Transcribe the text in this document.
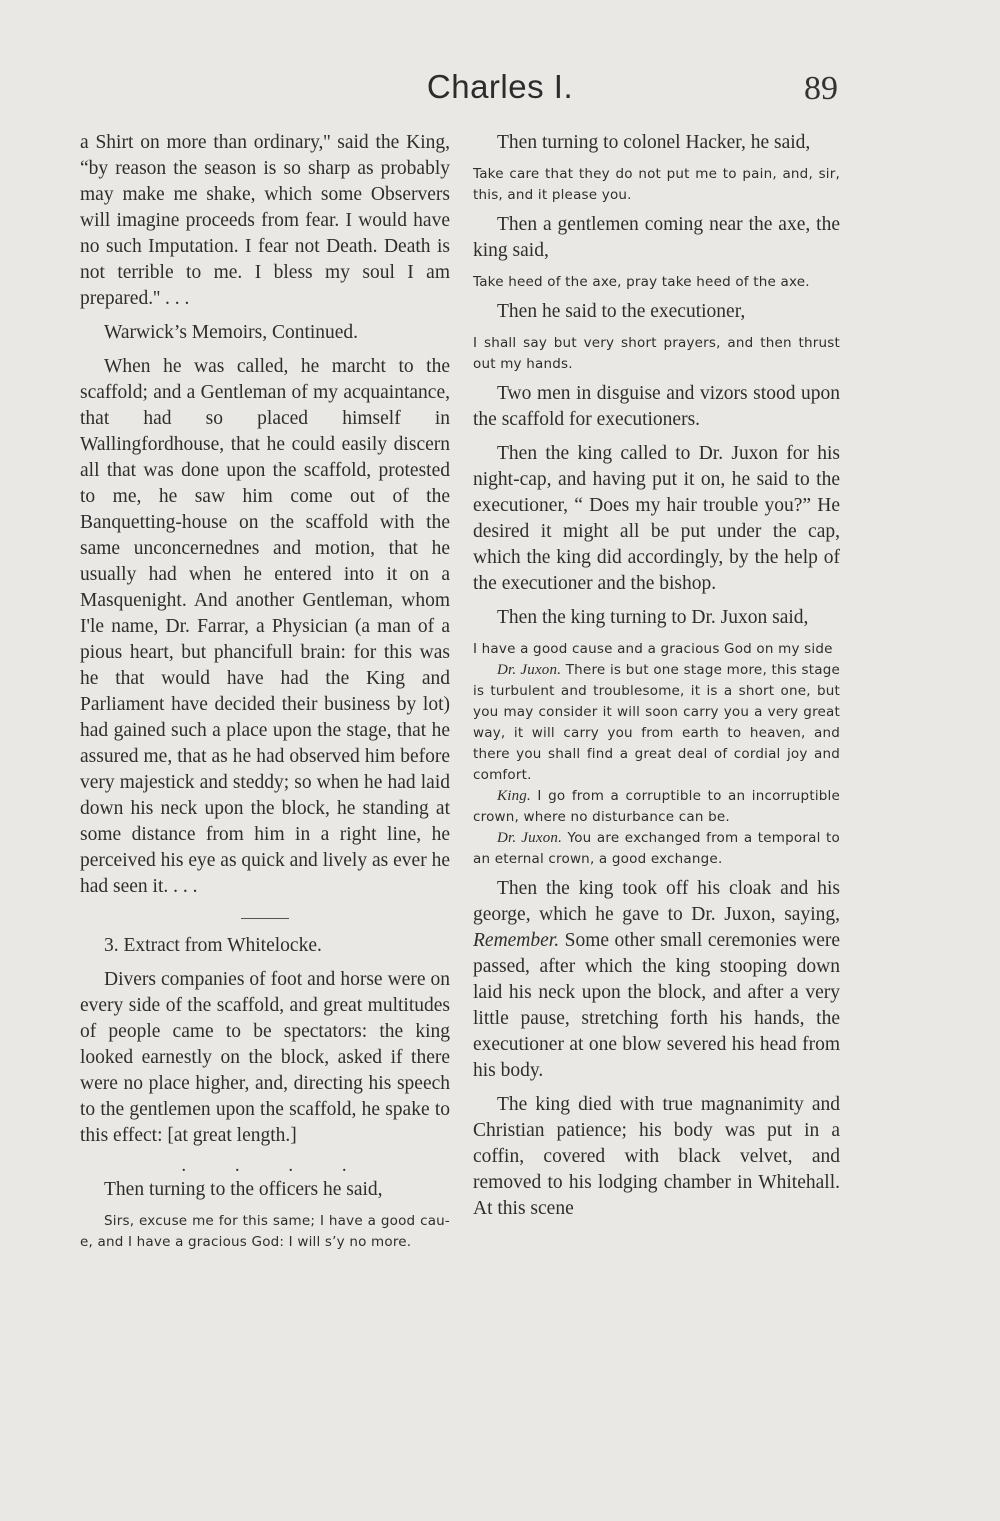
Charles I.	89

a Shirt on more than ordinary,'' said the King, “by reason the season is so sharp as probably may make me shake, which some Observers will imagine proceeds from fear. I would have no such Imputation. I fear not Death. Death is not terrible to me. I bless my soul I am prepared.'' . . .

Warwick’s Memoirs, Continued.

When he was called, he marcht to the scaffold; and a Gentleman of my acquaintance, that had so placed himself in Wallingfordhouse, that he could easily discern all that was done upon the scaffold, protested to me, he saw him come out of the Banquetting-house on the scaffold with the same unconcernednes and motion, that he usually had when he entered into it on a Masquenight. And another Gentleman, whom I'le name, Dr. Farrar, a Physician (a man of a pious heart, but phancifull brain: for this was he that would have had the King and Parliament have decided their business by lot) had gained such a place upon the stage, that he assured me, that as he had observed him before very majestick and steddy; so when he had laid down his neck upon the block, he standing at some distance from him in a right line, he perceived his eye as quick and lively as ever he had seen it. . . .

3. Extract from Whitelocke.

Divers companies of foot and horse were on every side of the scaffold, and great multitudes of people came to be spectators: the king looked earnestly on the block, asked if there were no place higher, and, directing his speech to the gentlemen upon the scaffold, he spake to this effect: [at great length.]

. . . .

Then turning to the officers he said,

Sirs, excuse me for this same; I have a good cau-e, and I have a gracious God: I will s’y no more.

Then turning to colonel Hacker, he said,

Take care that they do not put me to pain, and, sir, this, and it please you.

Then a gentlemen coming near the axe, the king said,

Take heed of the axe, pray take heed of the axe.

Then he said to the executioner,

I shall say but very short prayers, and then thrust out my hands.

Two men in disguise and vizors stood upon the scaffold for executioners.

Then the king called to Dr. Juxon for his night-cap, and having put it on, he said to the executioner, “ Does my hair trouble you?” He desired it might all be put under the cap, which the king did accordingly, by the help of the executioner and the bishop.

Then the king turning to Dr. Juxon said,

I have a good cause and a gracious God on my side

Dr. Juxon. There is but one stage more, this stage is turbulent and troublesome, it is a short one, but you may consider it will soon carry you a very great way, it will carry you from earth to heaven, and there you shall find a great deal of cordial joy and comfort.

King. I go from a corruptible to an incorruptible crown, where no disturbance can be.

Dr. Juxon. You are exchanged from a temporal to an eternal crown, a good exchange.

Then the king took off his cloak and his george, which he gave to Dr. Juxon, saying, Remember. Some other small ceremonies were passed, after which the king stooping down laid his neck upon the block, and after a very little pause, stretching forth his hands, the executioner at one blow severed his head from his body.

The king died with true magnanimity and Christian patience; his body was put in a coffin, covered with black velvet, and removed to his lodging chamber in Whitehall. At this scene
